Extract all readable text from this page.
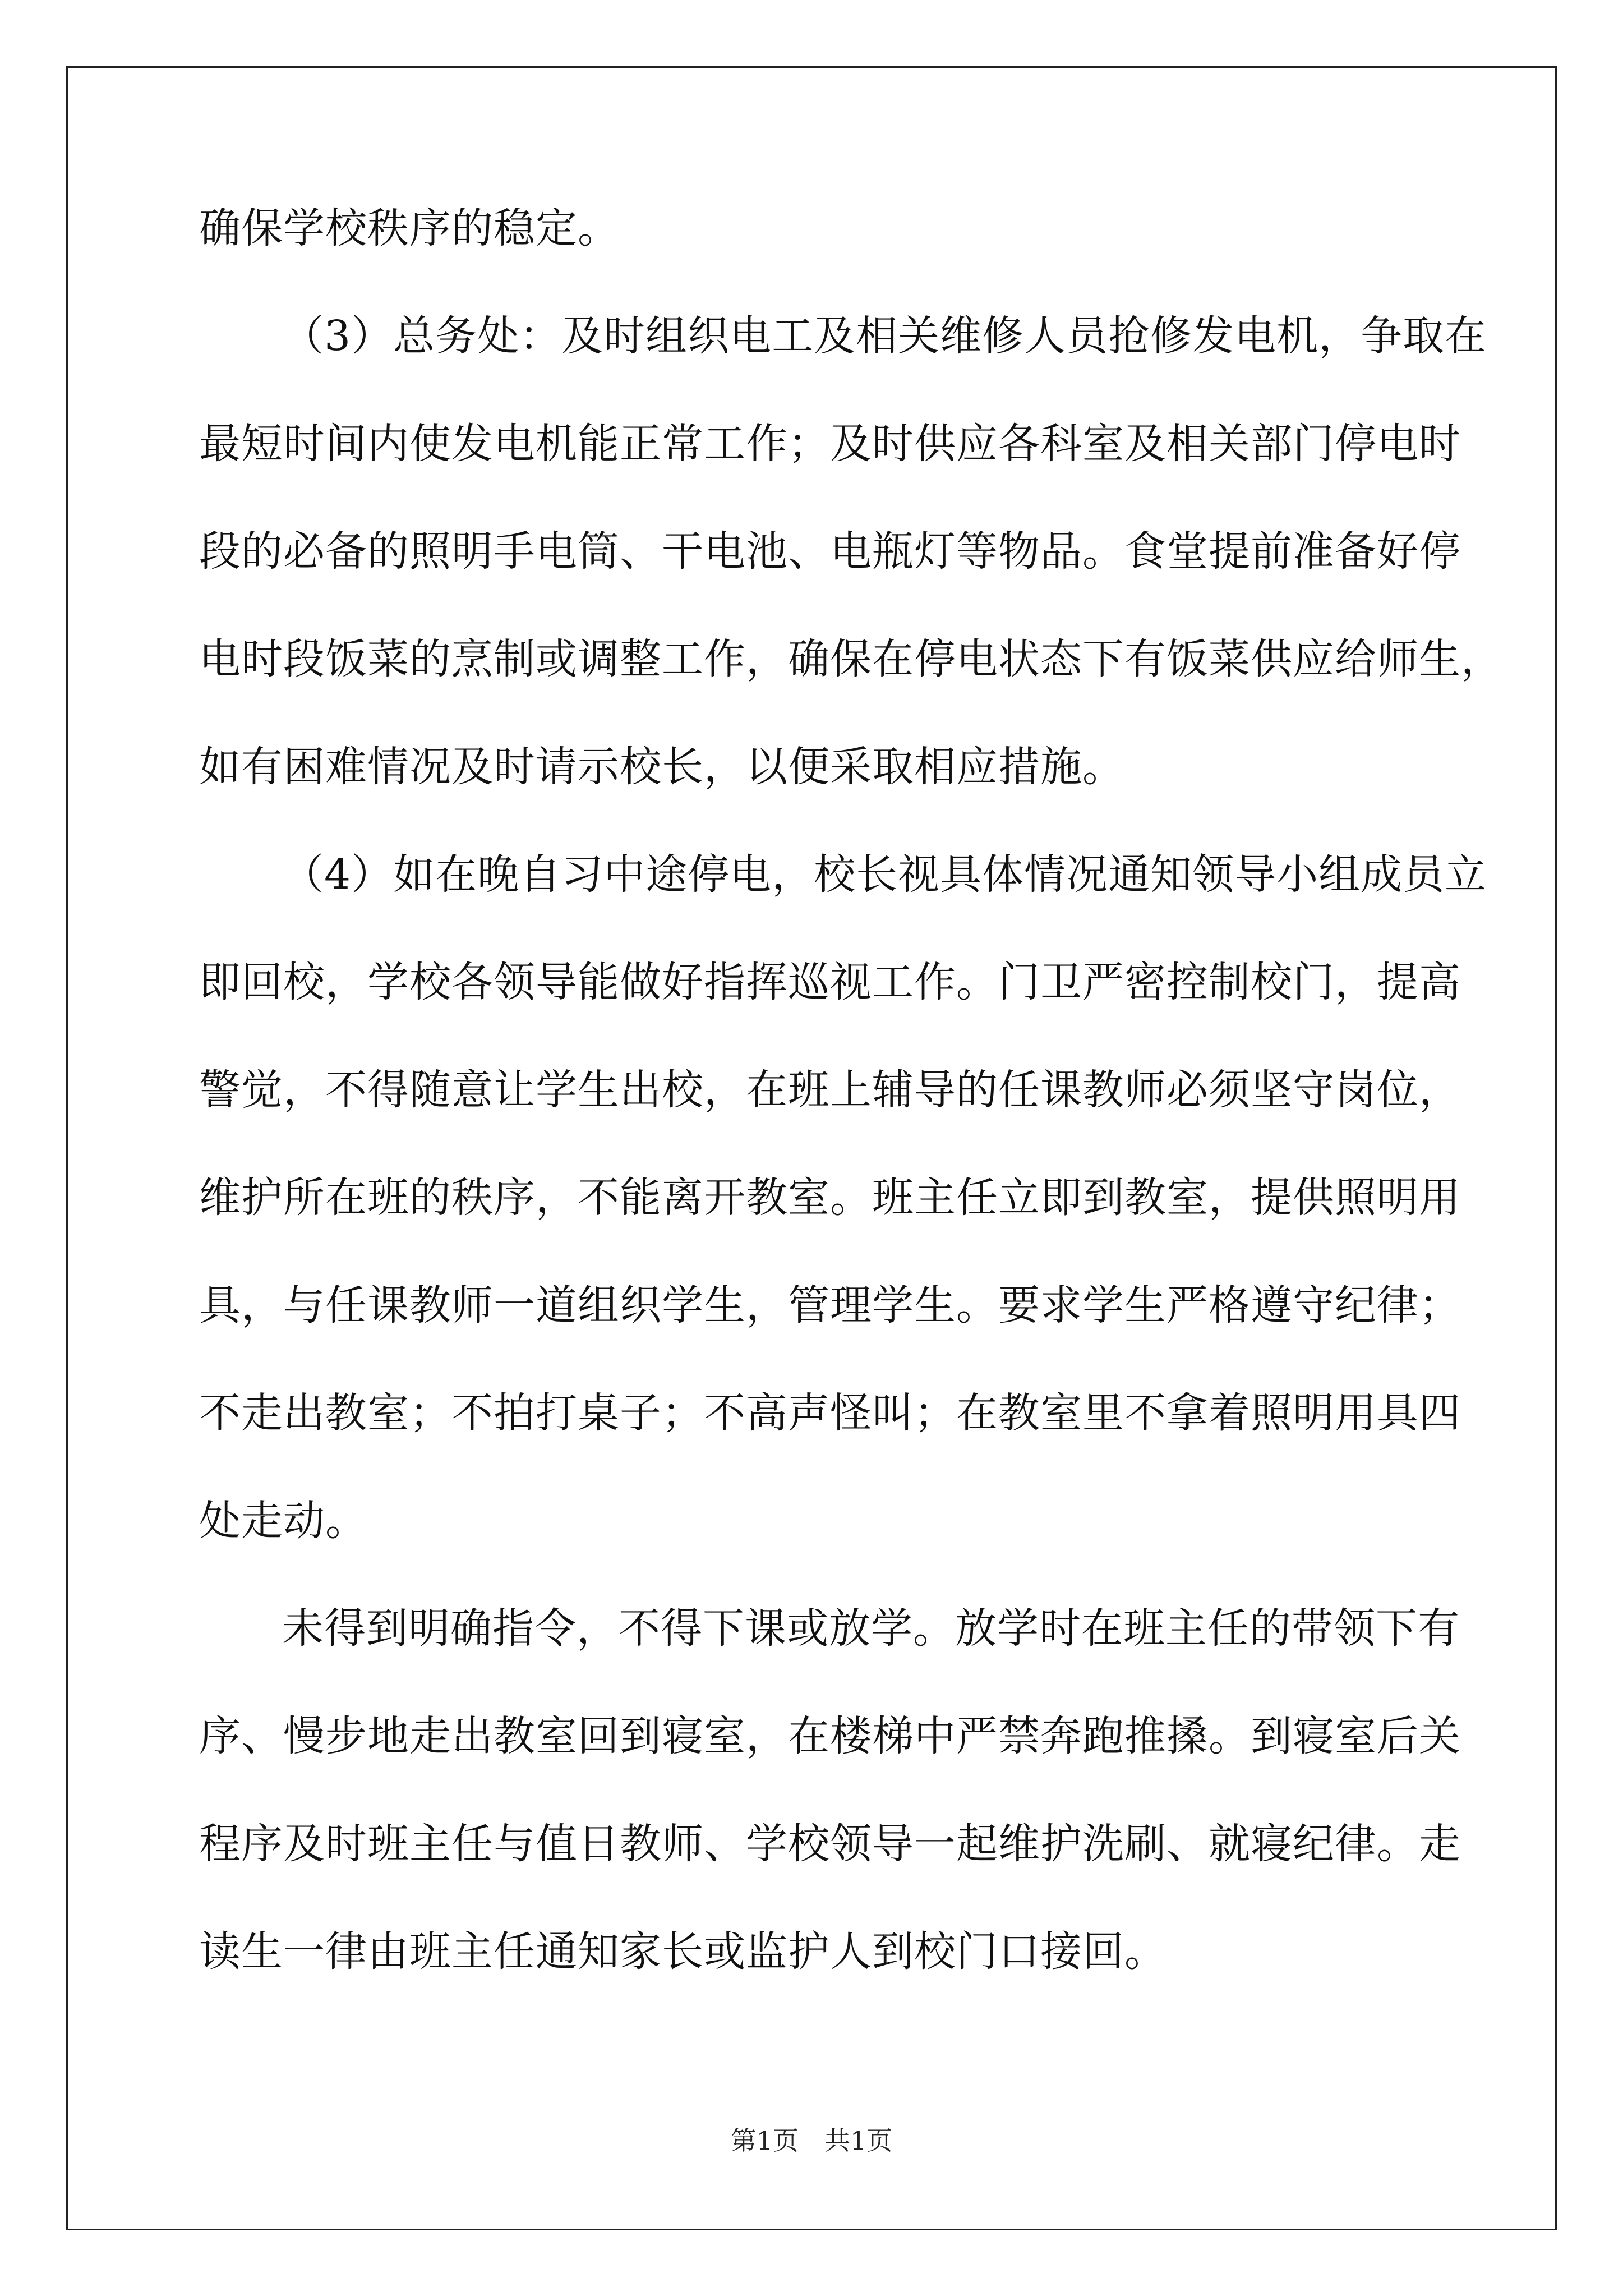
确保学校秩序的稳定。
（3）总务处：及时组织电工及相关维修人员抢修发电机，争取在
最短时间内使发电机能正常工作；及时供应各科室及相关部门停电时
段的必备的照明手电筒、干电池、电瓶灯等物品。食堂提前准备好停
电时段饭菜的烹制或调整工作，确保在停电状态下有饭菜供应给师生，
如有困难情况及时请示校长，以便采取相应措施。
（4）如在晚自习中途停电，校长视具体情况通知领导小组成员立
即回校，学校各领导能做好指挥巡视工作。门卫严密控制校门，提高
警觉，不得随意让学生出校，在班上辅导的任课教师必须坚守岗位，
维护所在班的秩序，不能离开教室。班主任立即到教室，提供照明用
具，与任课教师一道组织学生，管理学生。要求学生严格遵守纪律；
不走出教室；不拍打桌子；不高声怪叫；在教室里不拿着照明用具四
处走动。
未得到明确指令，不得下课或放学。放学时在班主任的带领下有
序、慢步地走出教室回到寝室，在楼梯中严禁奔跑推搡。到寝室后关
程序及时班主任与值日教师、学校领导一起维护洗刷、就寝纪律。走
读生一律由班主任通知家长或监护人到校门口接回。
第1页　共1页
